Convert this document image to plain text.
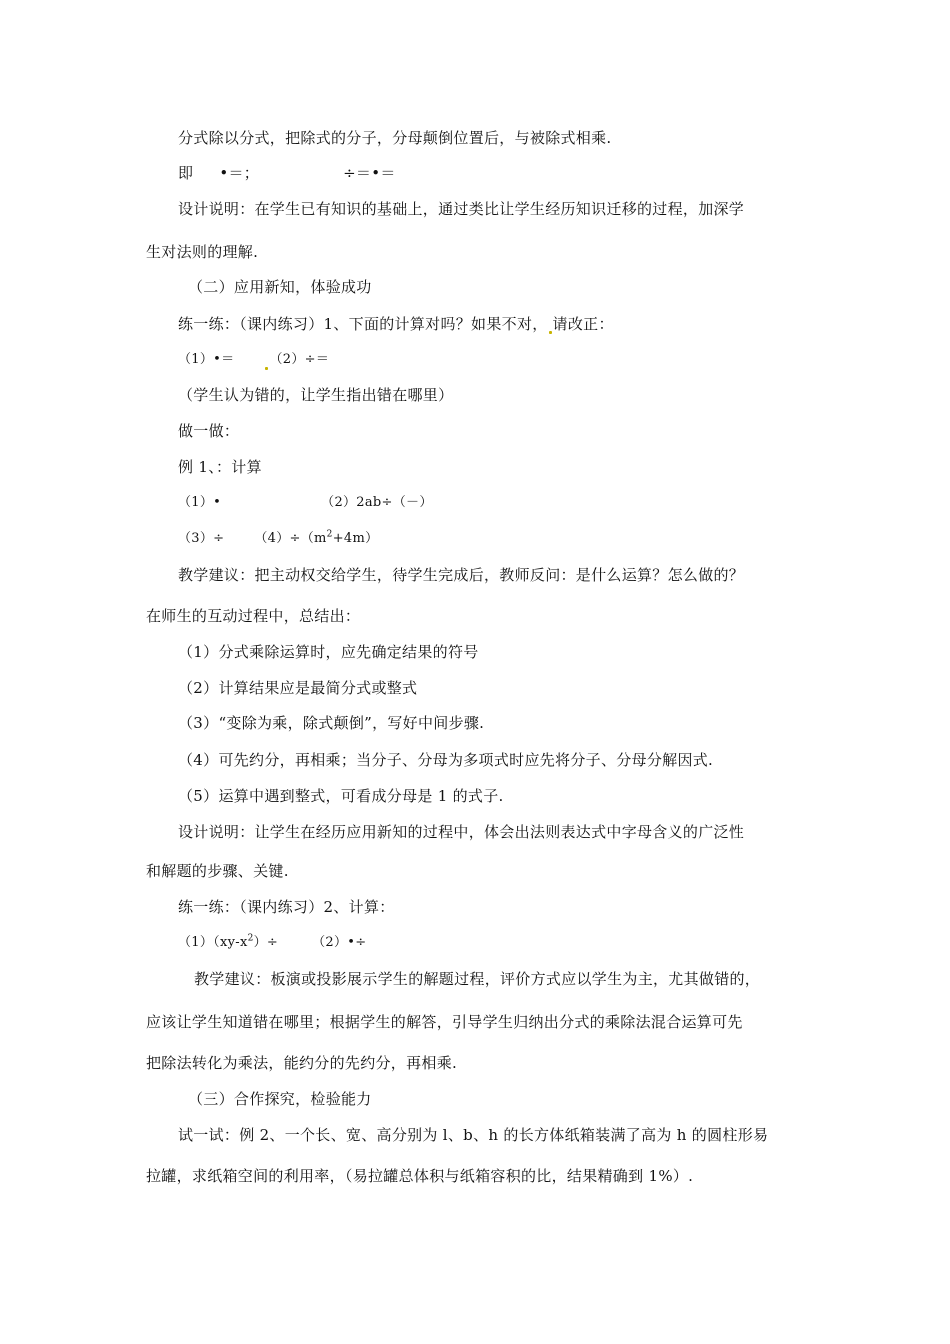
分式除以分式，把除式的分子，分母颠倒位置后，与被除式相乘.
即 •＝；	÷＝•＝
设计说明：在学生已有知识的基础上，通过类比让学生经历知识迁移的过程，加深学
生对法则的理解.
（二）应用新知，体验成功
练一练：（课内练习）1、下面的计算对吗？如果不对， 请改正：
（1）•＝	（2）÷＝
（学生认为错的，让学生指出错在哪里）
做一做：
例 1、：计算
（1）•	（2）2ab÷（－）
$(3)\div (4)\div(m^2+4m)$
教学建议：把主动权交给学生，待学生完成后，教师反问：是什么运算？怎么做的？
在师生的互动过程中，总结出：
（1）分式乘除运算时，应先确定结果的符号
（2）计算结果应是最简分式或整式
（3）“变除为乘，除式颠倒”，写好中间步骤.
（4）可先约分，再相乘；当分子、分母为多项式时应先将分子、分母分解因式.
（5）运算中遇到整式，可看成分母是 1 的式子.
设计说明：让学生在经历应用新知的过程中，体会出法则表达式中字母含义的广泛性
和解题的步骤、关键.
练一练：（课内练习）2、计算：
$(1)(xy-x^2)\div$	（2）•÷
教学建议：板演或投影展示学生的解题过程，评价方式应以学生为主，尤其做错的，
应该让学生知道错在哪里；根据学生的解答，引导学生归纳出分式的乘除法混合运算可先
把除法转化为乘法，能约分的先约分，再相乘.
（三）合作探究，检验能力
试一试：例 2、一个长、宽、高分别为 l、b、h 的长方体纸箱装满了高为 h 的圆柱形易
拉罐，求纸箱空间的利用率，（易拉罐总体积与纸箱容积的比，结果精确到 1%）.
